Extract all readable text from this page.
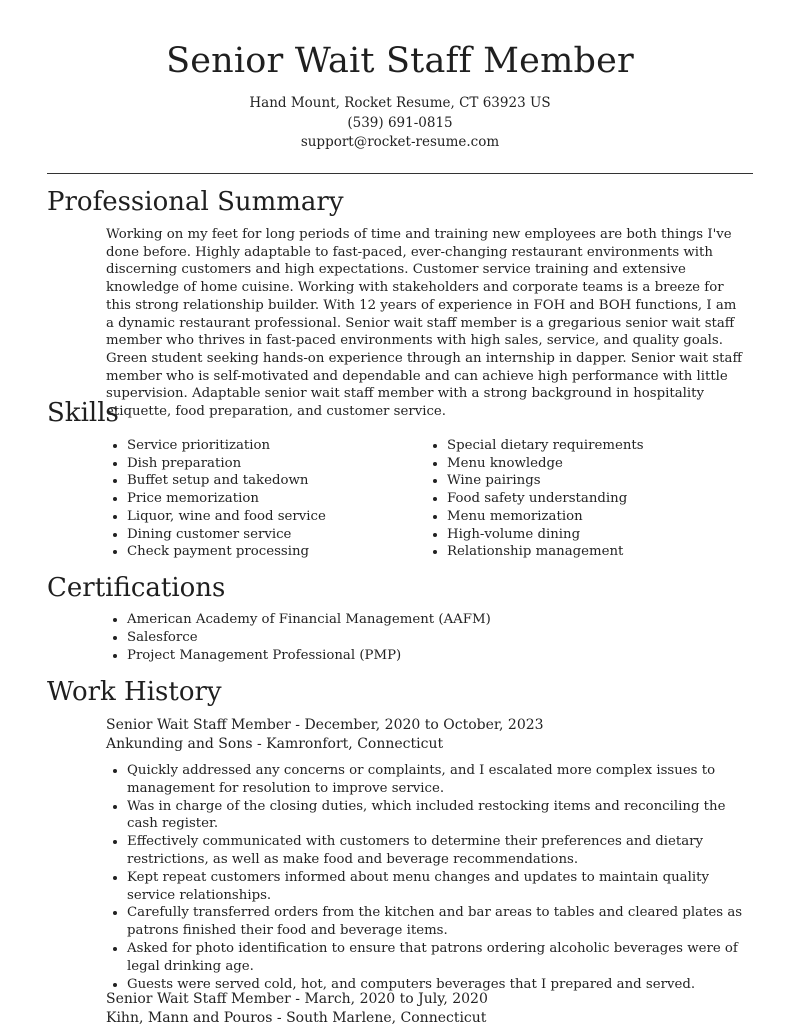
Senior Wait Staff Member
Hand Mount, Rocket Resume, CT 63923 US
(539) 691-0815
support@rocket-resume.com
Professional Summary

Working on my feet for long periods of time and training new employees are both things I've done before. Highly adaptable to fast-paced, ever-changing restaurant environments with discerning customers and high expectations. Customer service training and extensive knowledge of home cuisine. Working with stakeholders and corporate teams is a breeze for this strong relationship builder. With 12 years of experience in FOH and BOH functions, I am a dynamic restaurant professional. Senior wait staff member is a gregarious senior wait staff member who thrives in fast-paced environments with high sales, service, and quality goals. Green student seeking hands-on experience through an internship in dapper. Senior wait staff member who is self-motivated and dependable and can achieve high performance with little supervision. Adaptable senior wait staff member with a strong background in hospitality etiquette, food preparation, and customer service.

Skills
• Service prioritization
• Dish preparation
• Buffet setup and takedown
• Price memorization
• Liquor, wine and food service
• Dining customer service
• Check payment processing
• Special dietary requirements
• Menu knowledge
• Wine pairings
• Food safety understanding
• Menu memorization
• High-volume dining
• Relationship management
Certifications
• American Academy of Financial Management (AAFM)
• Salesforce
• Project Management Professional (PMP)
Work History
Senior Wait Staff Member - December, 2020 to October, 2023
Ankunding and Sons - Kamronfort, Connecticut
• Quickly addressed any concerns or complaints, and I escalated more complex issues to management for resolution to improve service.
• Was in charge of the closing duties, which included restocking items and reconciling the cash register.
• Effectively communicated with customers to determine their preferences and dietary restrictions, as well as make food and beverage recommendations.
• Kept repeat customers informed about menu changes and updates to maintain quality service relationships.
• Carefully transferred orders from the kitchen and bar areas to tables and cleared plates as patrons finished their food and beverage items.
• Asked for photo identification to ensure that patrons ordering alcoholic beverages were of legal drinking age.
• Guests were served cold, hot, and computers beverages that I prepared and served.
Senior Wait Staff Member - March, 2020 to July, 2020
Kihn, Mann and Pouros - South Marlene, Connecticut
